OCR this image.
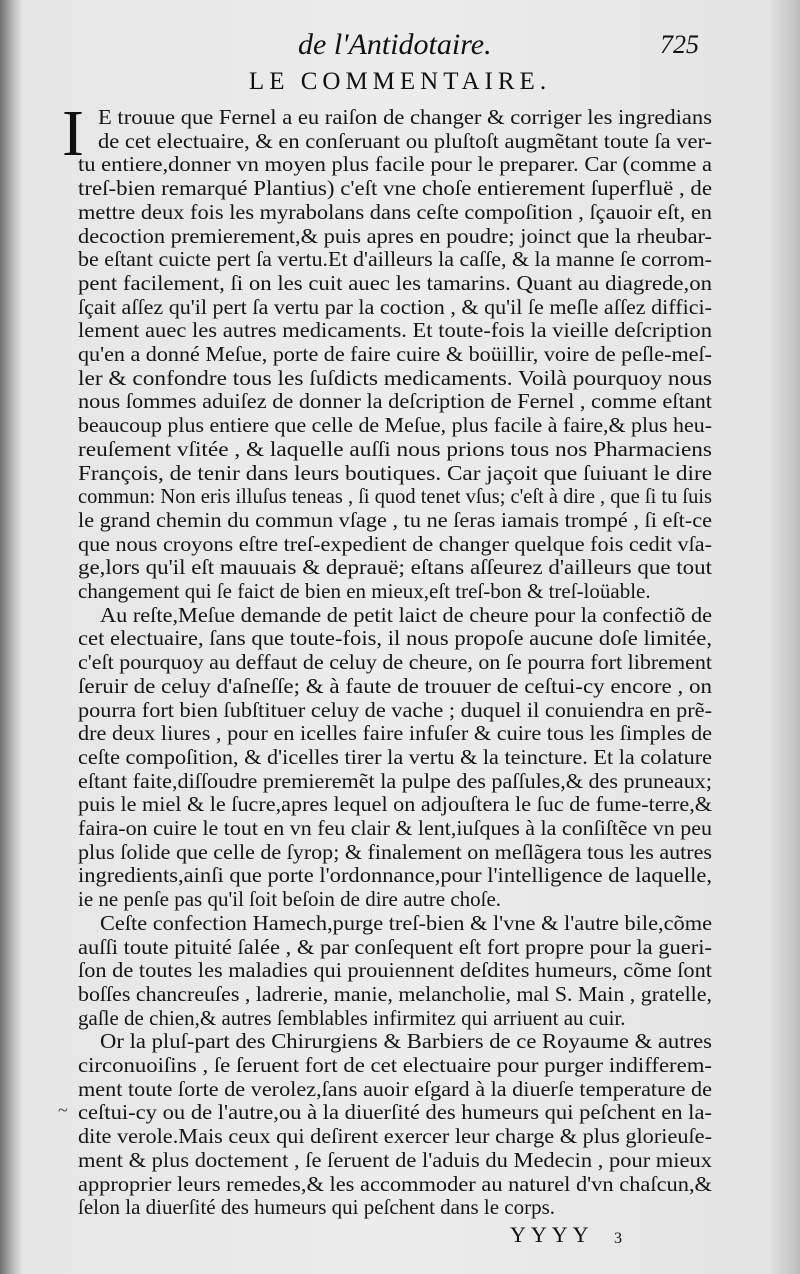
de l'Antidotaire.	725
LE COMMENTAIRE.
I E trouue que Fernel a eu raiſon de changer & corriger les ingredians
de cet electuaire, & en conſeruant ou pluſtoſt augmẽtant toute ſa ver-
tu entiere,donner vn moyen plus facile pour le preparer. Car (comme a
treſ-bien remarqué Plantius) c'eſt vne choſe entierement ſuperfluë , de
mettre deux fois les myrabolans dans ceſte compoſition , ſçauoir eſt, en
decoction premierement,& puis apres en poudre; joinct que la rheubar-
be eſtant cuicte pert ſa vertu.Et d'ailleurs la caſſe, & la manne ſe corrom-
pent facilement, ſi on les cuit auec les tamarins. Quant au diagrede,on
ſçait aſſez qu'il pert ſa vertu par la coction , & qu'il ſe meſle aſſez diffici-
lement auec les autres medicaments. Et toute-fois la vieille deſcription
qu'en a donné Meſue, porte de faire cuire & boüillir, voire de peſle-meſ-
ler & confondre tous les ſuſdicts medicaments. Voilà pourquoy nous
nous ſommes aduiſez de donner la deſcription de Fernel , comme eſtant
beaucoup plus entiere que celle de Meſue, plus facile à faire,& plus heu-
reuſement vſitée , & laquelle auſſi nous prions tous nos Pharmaciens
François, de tenir dans leurs boutiques. Car jaçoit que ſuiuant le dire
commun: Non eris illuſus teneas , ſi quod tenet vſus; c'eſt à dire , que ſi tu ſuis
le grand chemin du commun vſage , tu ne ſeras iamais trompé , ſi eſt-ce
que nous croyons eſtre treſ-expedient de changer quelque fois cedit vſa-
ge,lors qu'il eſt mauuais & deprauë; eſtans aſſeurez d'ailleurs que tout
changement qui ſe faict de bien en mieux,eſt treſ-bon & treſ-loüable.
Au reſte,Meſue demande de petit laict de cheure pour la confectiõ de
cet electuaire, ſans que toute-fois, il nous propoſe aucune doſe limitée,
c'eſt pourquoy au deffaut de celuy de cheure, on ſe pourra fort librement
ſeruir de celuy d'aſneſſe; & à faute de trouuer de ceſtui-cy encore , on
pourra fort bien ſubſtituer celuy de vache ; duquel il conuiendra en prẽ-
dre deux liures , pour en icelles faire infuſer & cuire tous les ſimples de
ceſte compoſition, & d'icelles tirer la vertu & la teincture. Et la colature
eſtant faite,diſſoudre premieremẽt la pulpe des paſſules,& des pruneaux;
puis le miel & le ſucre,apres lequel on adjouſtera le ſuc de fume-terre,&
faira-on cuire le tout en vn feu clair & lent,iuſques à la conſiſtẽce vn peu
plus ſolide que celle de ſyrop; & finalement on meſlãgera tous les autres
ingredients,ainſi que porte l'ordonnance,pour l'intelligence de laquelle,
ie ne penſe pas qu'il ſoit beſoin de dire autre choſe.
Ceſte confection Hamech,purge treſ-bien & l'vne & l'autre bile,cõme
auſſi toute pituité ſalée , & par conſequent eſt fort propre pour la gueri-
ſon de toutes les maladies qui prouiennent deſdites humeurs, cõme ſont
boſſes chancreuſes , ladrerie, manie, melancholie, mal S. Main , gratelle,
gaſle de chien,& autres ſemblables infirmitez qui arriuent au cuir.
Or la pluſ-part des Chirurgiens & Barbiers de ce Royaume & autres
circonuoiſins , ſe ſeruent fort de cet electuaire pour purger indifferem-
ment toute ſorte de verolez,ſans auoir eſgard à la diuerſe temperature de
ceſtui-cy ou de l'autre,ou à la diuerſité des humeurs qui peſchent en la-
dite verole.Mais ceux qui deſirent exercer leur charge & plus glorieuſe-
ment & plus doctement , ſe ſeruent de l'aduis du Medecin , pour mieux
approprier leurs remedes,& les accommoder au naturel d'vn chaſcun,&
ſelon la diuerſité des humeurs qui peſchent dans le corps.
~
YYYY 3
